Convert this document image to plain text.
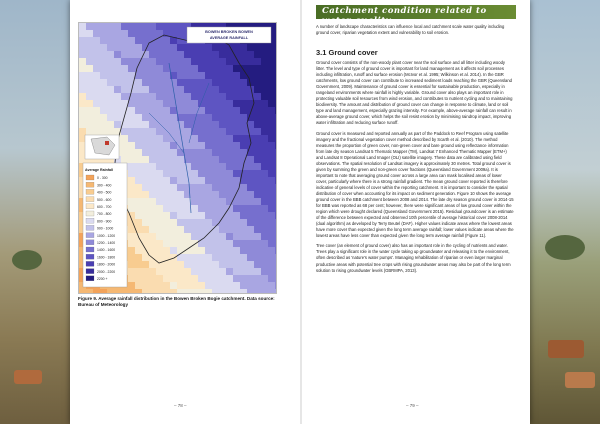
0 - 300
300 - 400
400 - 500
500 - 600
600 - 700
700 - 800
800 - 900
900 - 1000
1000 - 1200
1200 - 1400
1400 - 1600
1600 - 1800
1800 - 2000
2000 - 2200
2200 +
Average Rainfall
BOWEN BROKEN BOWEN
AVERAGE RAINFALL
Figure 9. Average rainfall distribution in the Bowen Broken Bogie catchment. Data source: Bureau of Meteorology
– 78 –
Catchment condition related to water quality
A number of landscape characteristics can influence local and catchment scale water quality including ground cover, riparian vegetation extent and vulnerability to soil erosion.
3.1 Ground cover

Ground cover consists of the non-woody plant cover near the soil surface and all litter including woody litter. The level and type of ground cover is important for land management as it affects soil processes including infiltration, runoff and surface erosion (McIvor et al. 1995; Wilkinson et al. 2014). In the GBR catchments, low ground cover can contribute to increased sediment loads reaching the GBR (Queensland Government, 2009). Maintenance of ground cover is essential for sustainable production, especially in rangeland environments where rainfall is highly variable. Ground cover also plays an important role in protecting valuable soil resources from wind erosion, and contributes to nutrient cycling and to maintaining biodiversity. The amount and distribution of ground cover can change in response to climate, land or soil type and land management, especially grazing intensity. For example, above-average rainfall can result in above-average ground cover, which helps the soil resist erosion by minimising raindrop impact, improving water infiltration and reducing surface runoff.

Ground cover is measured and reported annually as part of the Paddock to Reef Program using satellite imagery and the fractional vegetation cover method described by Scarth et al. (2010). The method measures the proportion of green cover, non-green cover and bare ground using reflectance information from late dry season Landsat 5 Thematic Mapper (TM), Landsat 7 Enhanced Thematic Mapper (ETM+) and Landsat 8 Operational Land Imager (OLI) satellite imagery. These data are calibrated using field observations. The spatial resolution of Landsat imagery is approximately 30 metres. Total ground cover is given by summing the green and non-green cover fractions (Queensland Government 2009a). It is important to note that averaging ground cover across a large area can mask localised areas of lower cover, particularly where there is a strong rainfall gradient. The mean ground cover reported is therefore indicative of general levels of cover within the reporting catchment. It is important to consider the spatial distribution of cover when accounting for its impact on sediment generation. Figure 10 shows the average ground cover in the BBB catchment between 2008 and 2014. The late dry season ground cover in 2014-15 for BBB was reported as 68 per cent; however, there were significant areas of low ground cover within the region which were drought declared (Queensland Government 2015). Residual groundcover is an estimate of the difference between expected and observed 10th percentile of average historical cover 2008-2014 (dual algorithm) as developed by Terry Beutel (DAF). Higher values indicate areas where the lowest areas have more cover than expected given the long term average rainfall; lower values indicate areas where the lowest areas have less cover than expected given the long term average rainfall (Figure 11).

Tree cover (an element of ground cover) also has an important role in the cycling of nutrients and water. Trees play a significant role in the water cycle taking up groundwater and releasing it to the environment, often described as 'nature's water pumps'. Managing rehabilitation of riparian or even larger marginal productive areas with potential tree crops with rising groundwater areas may also be part of the long term solution to rising groundwater levels (GBRMPA, 2013).

– 79 –
